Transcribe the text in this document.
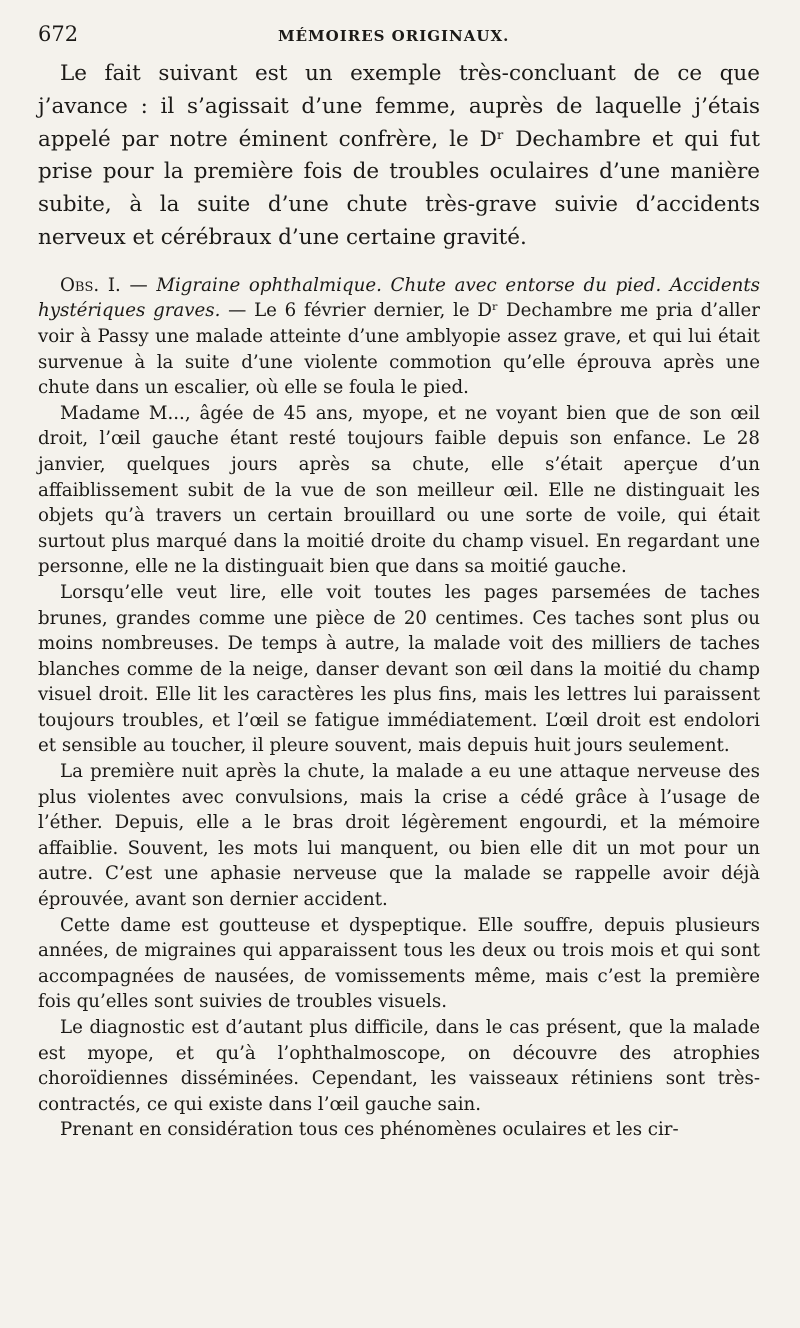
672	MÉMOIRES ORIGINAUX.

Le fait suivant est un exemple très-concluant de ce que j’avance : il s’agissait d’une femme, auprès de laquelle j’étais appelé par notre éminent confrère, le Dʳ Dechambre et qui fut prise pour la première fois de troubles oculaires d’une manière subite, à la suite d’une chute très-grave suivie d’accidents nerveux et cérébraux d’une certaine gravité.

Obs. I. — Migraine ophthalmique. Chute avec entorse du pied. Accidents hystériques graves. — Le 6 février dernier, le Dʳ Dechambre me pria d’aller voir à Passy une malade atteinte d’une amblyopie assez grave, et qui lui était survenue à la suite d’une violente commotion qu’elle éprouva après une chute dans un escalier, où elle se foula le pied.

Madame M..., âgée de 45 ans, myope, et ne voyant bien que de son œil droit, l’œil gauche étant resté toujours faible depuis son enfance. Le 28 janvier, quelques jours après sa chute, elle s’était aperçue d’un affaiblissement subit de la vue de son meilleur œil. Elle ne distinguait les objets qu’à travers un certain brouillard ou une sorte de voile, qui était surtout plus marqué dans la moitié droite du champ visuel. En regardant une personne, elle ne la distinguait bien que dans sa moitié gauche.

Lorsqu’elle veut lire, elle voit toutes les pages parsemées de taches brunes, grandes comme une pièce de 20 centimes. Ces taches sont plus ou moins nombreuses. De temps à autre, la malade voit des milliers de taches blanches comme de la neige, danser devant son œil dans la moitié du champ visuel droit. Elle lit les caractères les plus fins, mais les lettres lui paraissent toujours troubles, et l’œil se fatigue immédiatement. L’œil droit est endolori et sensible au toucher, il pleure souvent, mais depuis huit jours seulement.

La première nuit après la chute, la malade a eu une attaque nerveuse des plus violentes avec convulsions, mais la crise a cédé grâce à l’usage de l’éther. Depuis, elle a le bras droit légèrement engourdi, et la mémoire affaiblie. Souvent, les mots lui manquent, ou bien elle dit un mot pour un autre. C’est une aphasie nerveuse que la malade se rappelle avoir déjà éprouvée, avant son dernier accident.

Cette dame est goutteuse et dyspeptique. Elle souffre, depuis plusieurs années, de migraines qui apparaissent tous les deux ou trois mois et qui sont accompagnées de nausées, de vomissements même, mais c’est la première fois qu’elles sont suivies de troubles visuels.

Le diagnostic est d’autant plus difficile, dans le cas présent, que la malade est myope, et qu’à l’ophthalmoscope, on découvre des atrophies choroïdiennes disséminées. Cependant, les vaisseaux rétiniens sont très-contractés, ce qui existe dans l’œil gauche sain.

Prenant en considération tous ces phénomènes oculaires et les cir-
